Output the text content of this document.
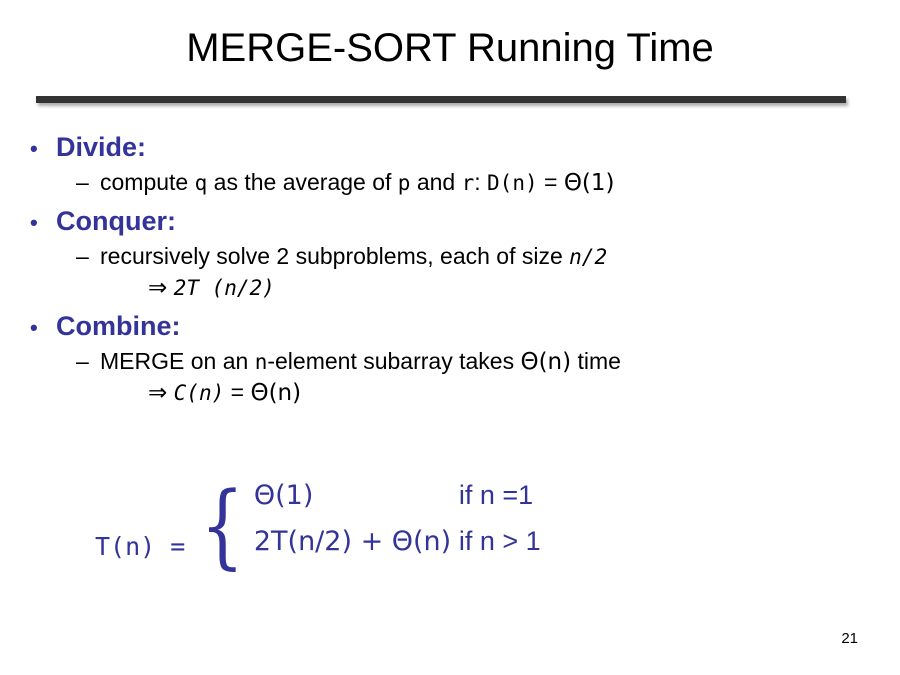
MERGE-SORT Running Time
• Divide:
– compute q as the average of p and r: D(n) = Θ(1)
• Conquer:
– recursively solve 2 subproblems, each of size n/2
⇒ 2T (n/2)
• Combine:
– MERGE on an n-element subarray takes Θ(n) time
⇒ C(n) = Θ(n)
T(n) = { Θ(1)	if n =1
2T(n/2) + Θ(n) if n > 1
21
